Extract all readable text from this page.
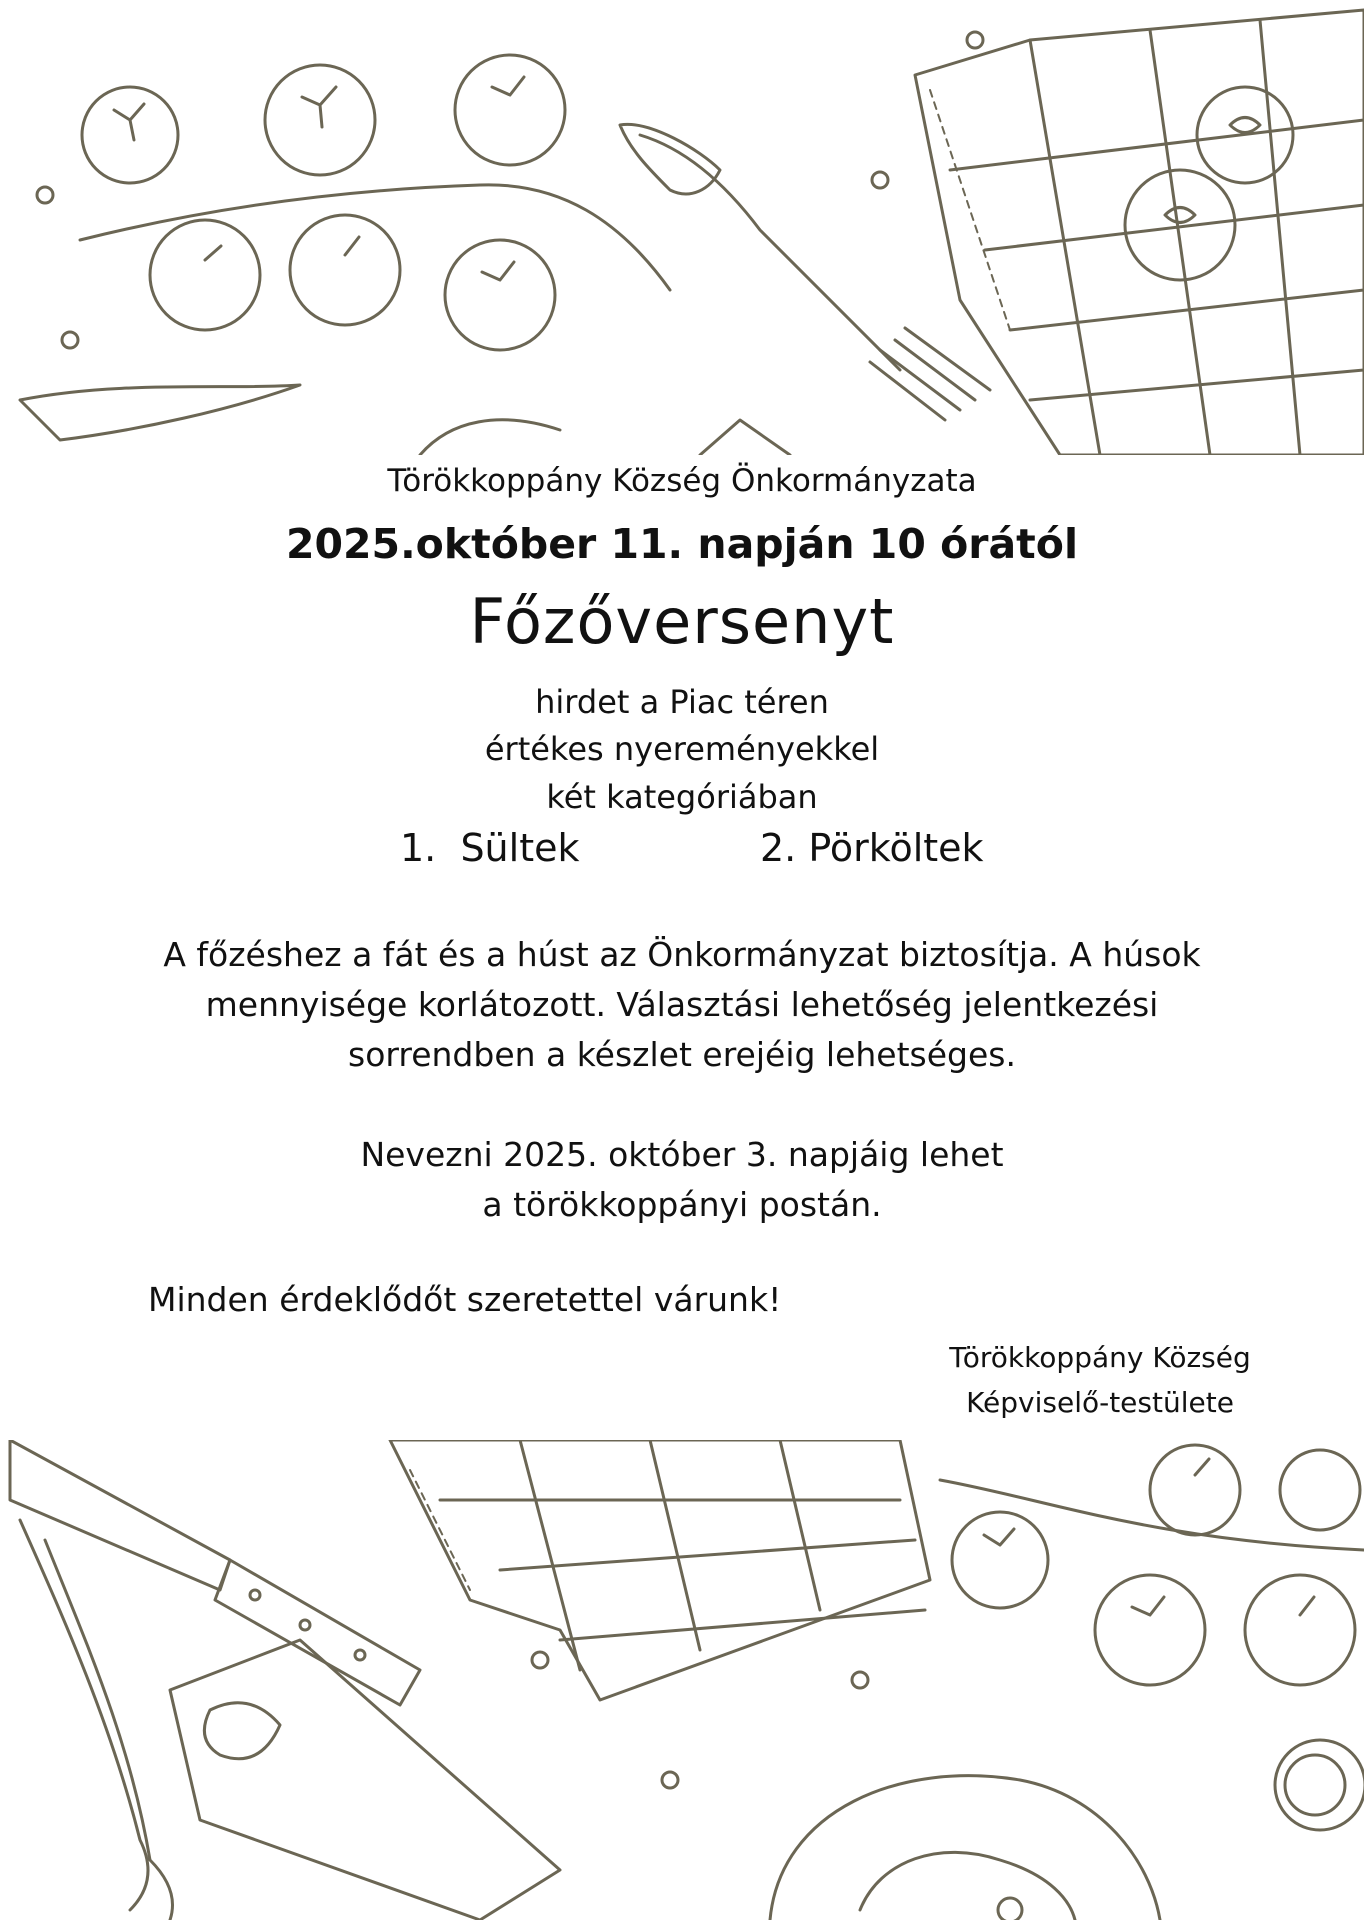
Törökkoppány Község Önkormányzata
2025.október 11. napján 10 órától
Főzőversenyt
hirdet a Piac téren
értékes nyereményekkel
két kategóriában
1. Sültek	2. Pörköltek
A főzéshez a fát és a húst az Önkormányzat biztosítja. A húsok
mennyisége korlátozott. Választási lehetőség jelentkezési
sorrendben a készlet erejéig lehetséges.
Nevezni 2025. október 3. napjáig lehet
a törökkoppányi postán.
Minden érdeklődőt szeretettel várunk!
Törökkoppány Község
Képviselő-testülete
